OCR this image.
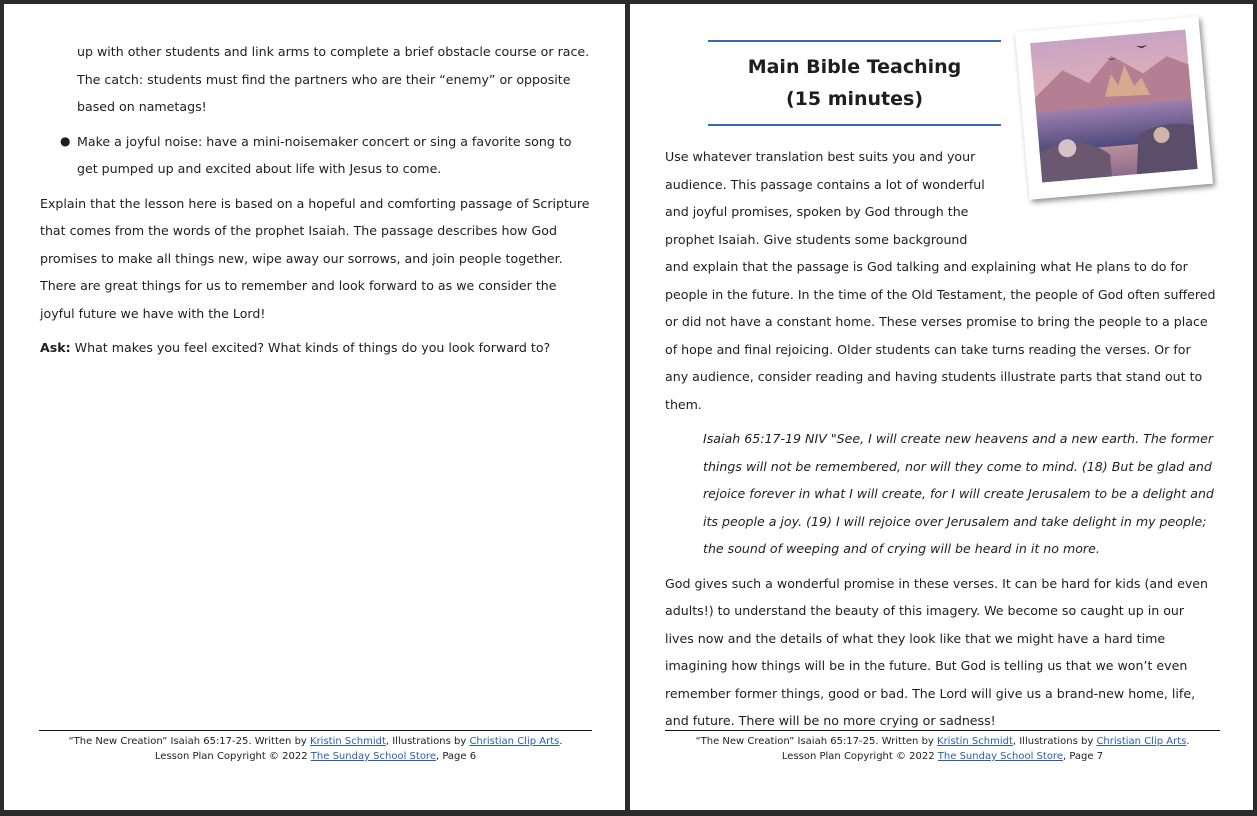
up with other students and link arms to complete a brief obstacle course or race. The catch: students must find the partners who are their “enemy” or opposite based on nametags!

● Make a joyful noise: have a mini-noisemaker concert or sing a favorite song to get pumped up and excited about life with Jesus to come.

Explain that the lesson here is based on a hopeful and comforting passage of Scripture that comes from the words of the prophet Isaiah. The passage describes how God promises to make all things new, wipe away our sorrows, and join people together. There are great things for us to remember and look forward to as we consider the joyful future we have with the Lord!

Ask: What makes you feel excited? What kinds of things do you look forward to?

“The New Creation” Isaiah 65:17-25. Written by Kristin Schmidt, Illustrations by Christian Clip Arts.
Lesson Plan Copyright © 2022 The Sunday School Store, Page 6
Main Bible Teaching
(15 minutes)

Use whatever translation best suits you and your audience. This passage contains a lot of wonderful and joyful promises, spoken by God through the prophet Isaiah. Give students some background and explain that the passage is God talking and explaining what He plans to do for people in the future. In the time of the Old Testament, the people of God often suffered or did not have a constant home. These verses promise to bring the people to a place of hope and final rejoicing. Older students can take turns reading the verses. Or for any audience, consider reading and having students illustrate parts that stand out to them.

Isaiah 65:17-19 NIV "See, I will create new heavens and a new earth. The former things will not be remembered, nor will they come to mind. (18) But be glad and rejoice forever in what I will create, for I will create Jerusalem to be a delight and its people a joy. (19) I will rejoice over Jerusalem and take delight in my people; the sound of weeping and of crying will be heard in it no more.

God gives such a wonderful promise in these verses. It can be hard for kids (and even adults!) to understand the beauty of this imagery. We become so caught up in our lives now and the details of what they look like that we might have a hard time imagining how things will be in the future. But God is telling us that we won’t even remember former things, good or bad. The Lord will give us a brand-new home, life, and future. There will be no more crying or sadness!

“The New Creation” Isaiah 65:17-25. Written by Kristin Schmidt, Illustrations by Christian Clip Arts.
Lesson Plan Copyright © 2022 The Sunday School Store, Page 7
